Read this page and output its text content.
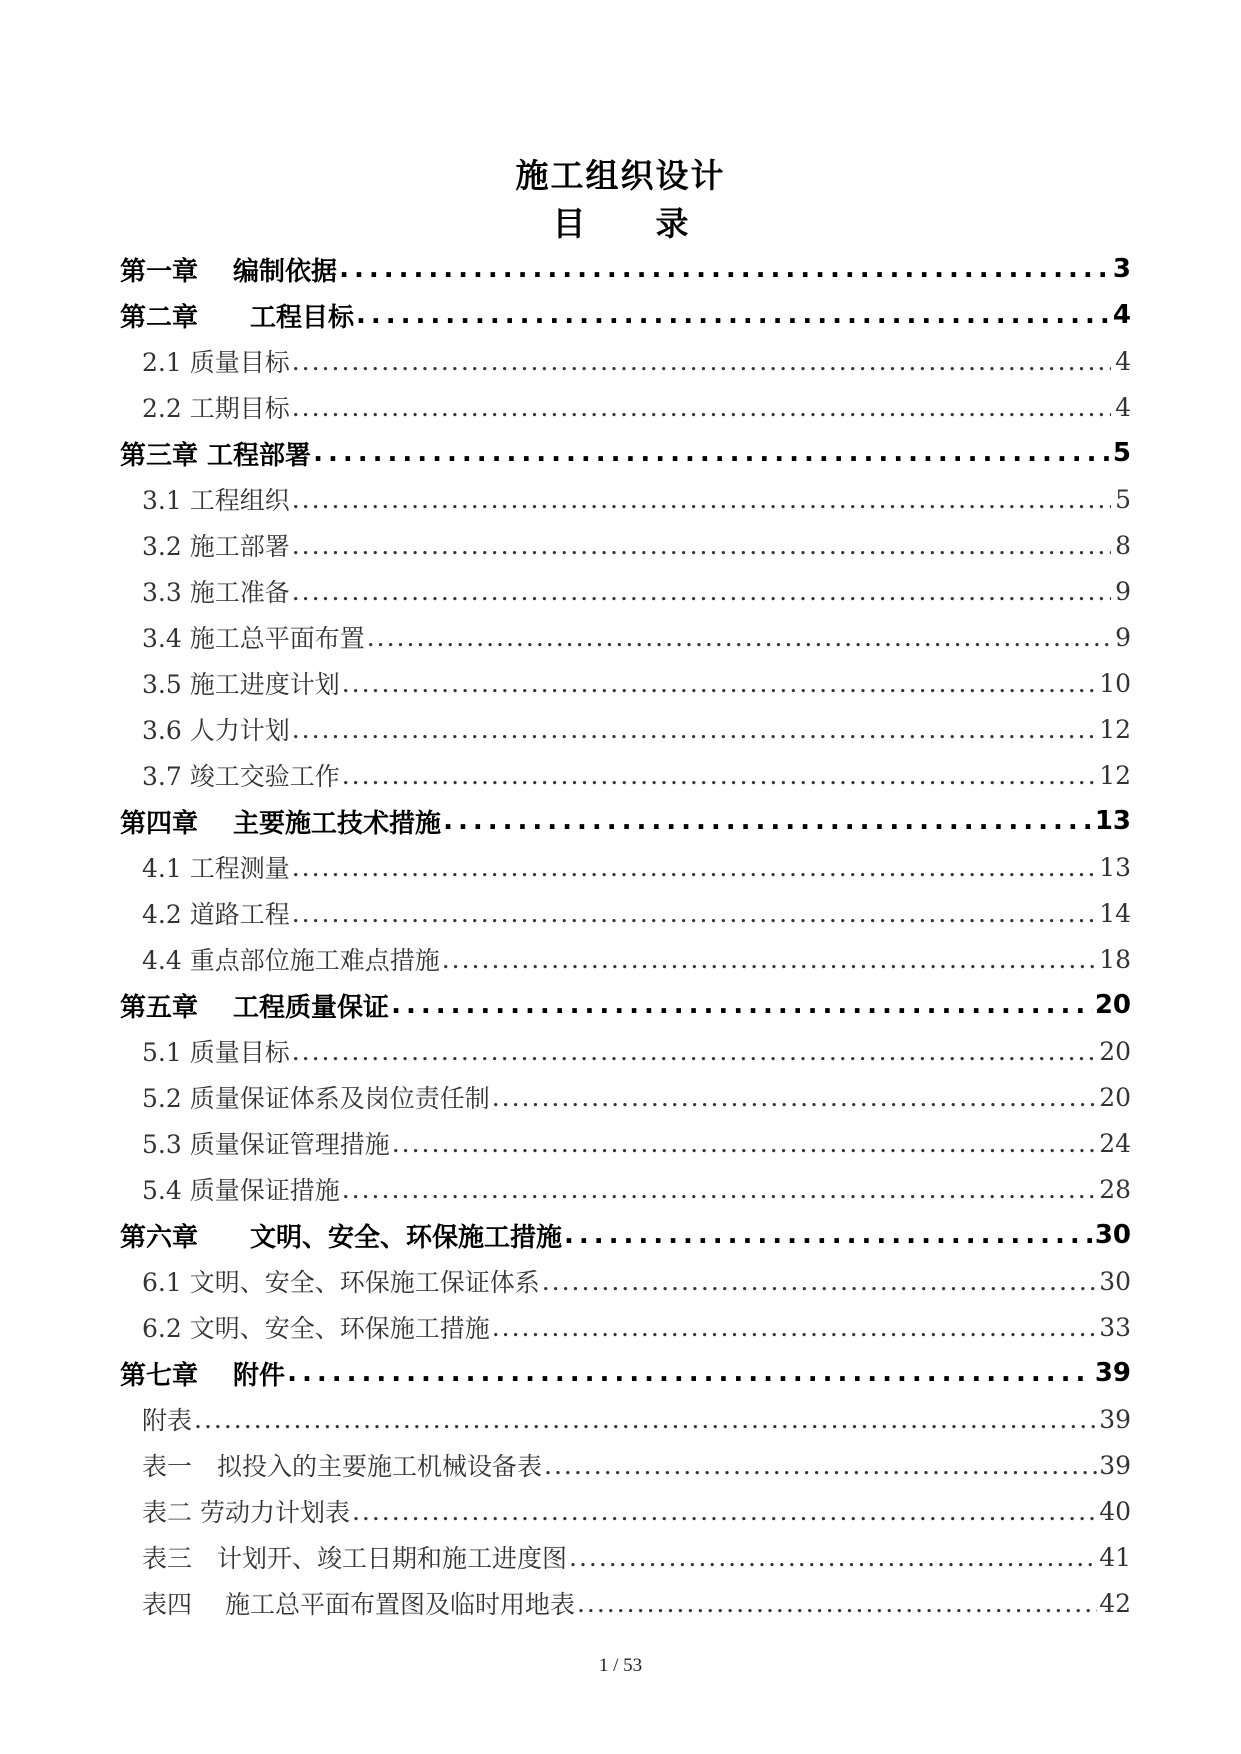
施工组织设计
目 录
第一章　 编制依据 .....	3
第二章　　工程目标 .....	4
2.1 质量目标 .....	4
2.2 工期目标 .....	4
第三章 工程部署 .....	5
3.1 工程组织 .....	5
3.2 施工部署 .....	8
3.3 施工准备 .....	9
3.4 施工总平面布置 .....	9
3.5 施工进度计划 .....	10
3.6 人力计划 .....	12
3.7 竣工交验工作 .....	12
第四章　 主要施工技术措施 .....	13
4.1 工程测量 .....	13
4.2 道路工程 .....	14
4.4 重点部位施工难点措施 .....	18
第五章　 工程质量保证 .....	20
5.1 质量目标 .....	20
5.2 质量保证体系及岗位责任制 .....	20
5.3 质量保证管理措施 .....	24
5.4 质量保证措施 .....	28
第六章　　文明、安全、环保施工措施 .....	30
6.1 文明、安全、环保施工保证体系 .....	30
6.2 文明、安全、环保施工措施 .....	33
第七章　 附件 .....	39
附表 .....	39
表一　拟投入的主要施工机械设备表 .....	39
表二 劳动力计划表 .....	40
表三　计划开、竣工日期和施工进度图 .....	41
表四　 施工总平面布置图及临时用地表 .....	42
1 / 53
